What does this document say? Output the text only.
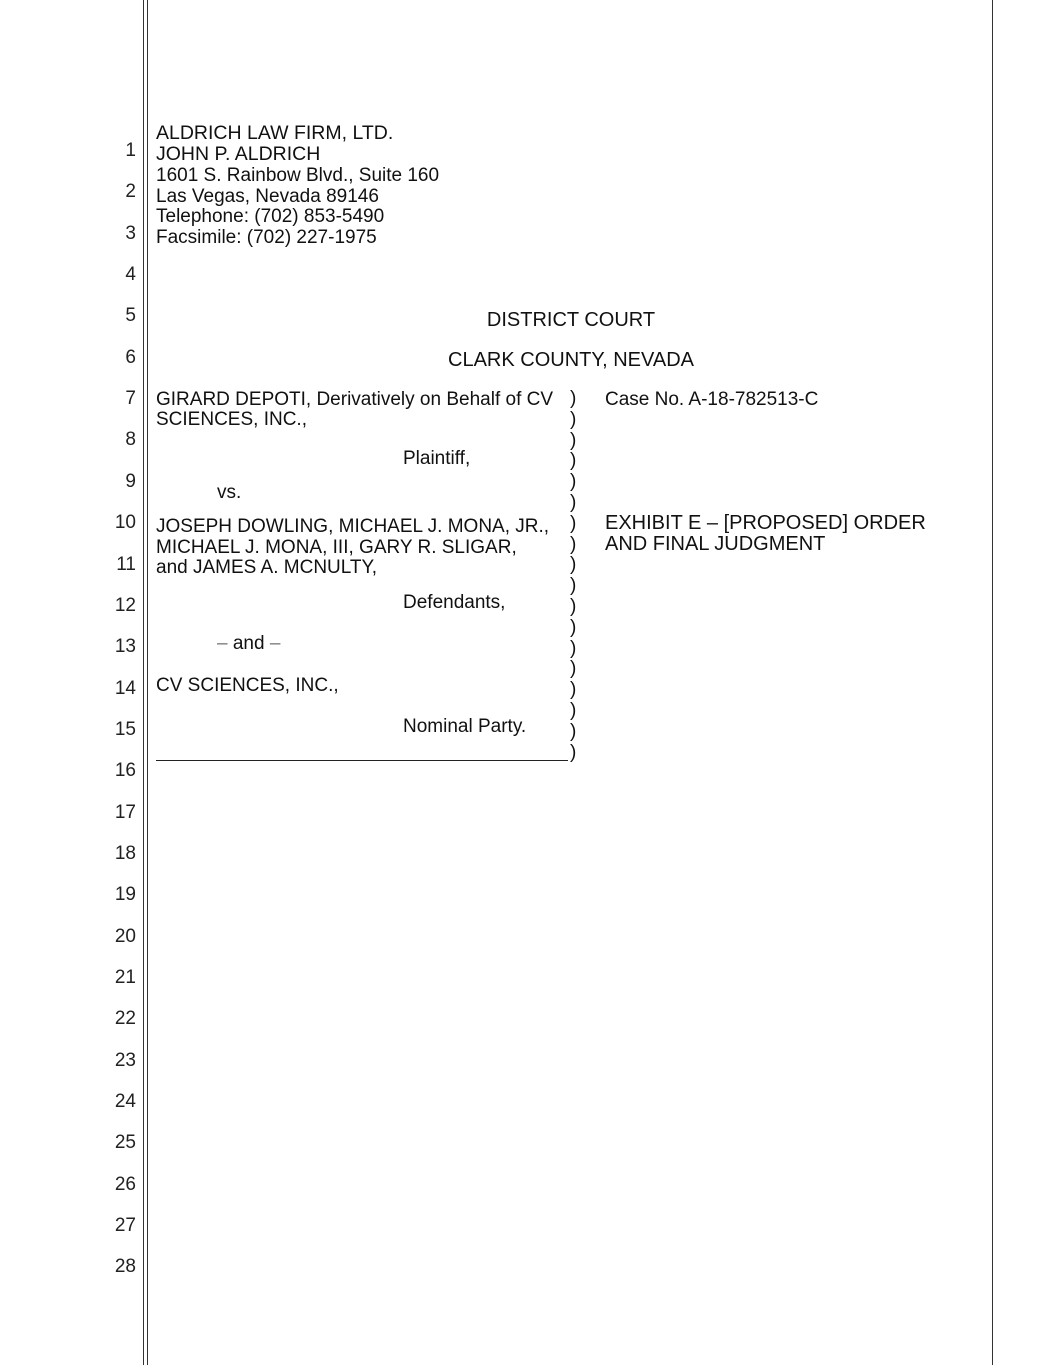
1
2
3
4
5
6
7
8
9
10
11
12
13
14
15
16
17
18
19
20
21
22
23
24
25
26
27
28
ALDRICH LAW FIRM, LTD.
JOHN P. ALDRICH
1601 S. Rainbow Blvd., Suite 160
Las Vegas, Nevada 89146
Telephone: (702) 853-5490
Facsimile: (702) 227-1975
DISTRICT COURT
CLARK COUNTY, NEVADA
GIRARD DEPOTI, Derivatively on Behalf of CV
SCIENCES, INC.,
Plaintiff,
vs.
JOSEPH DOWLING, MICHAEL J. MONA, JR.,
MICHAEL J. MONA, III, GARY R. SLIGAR,
and JAMES A. MCNULTY,
Defendants,
– and –
CV SCIENCES, INC.,
Nominal Party.
)
)
)
)
)
)
)
)
)
)
)
)
)
)
)
)
)
)
Case No. A-18-782513-C
EXHIBIT E – [PROPOSED] ORDER
AND FINAL JUDGMENT
